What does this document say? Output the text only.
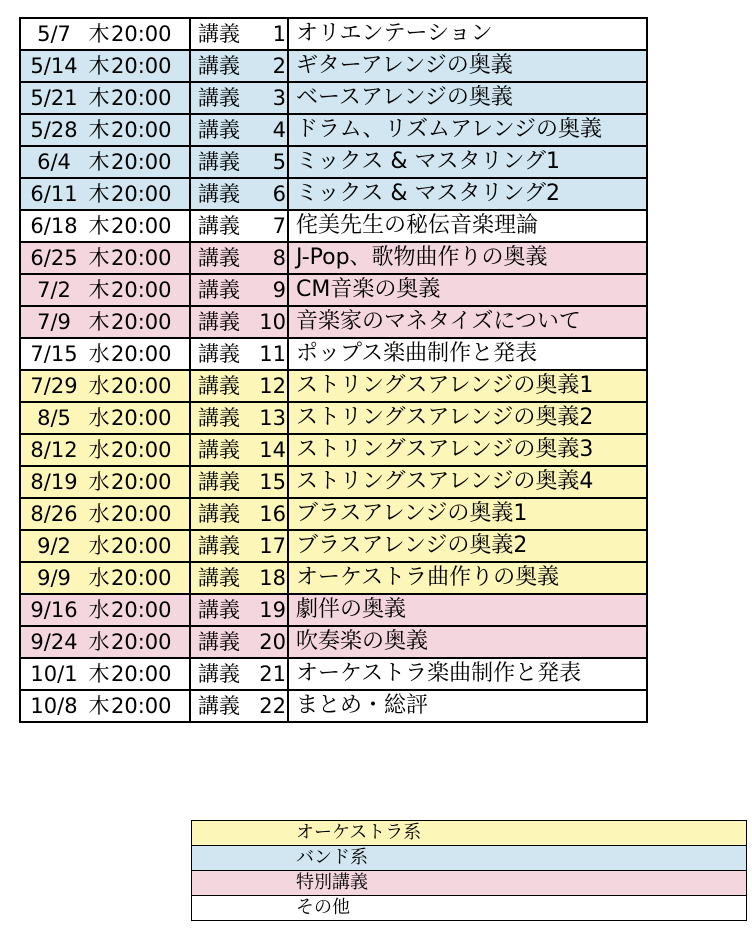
5/7 木20:00	講義 1	オリエンテーション
5/14 木20:00	講義 2	ギターアレンジの奥義
5/21 木20:00	講義 3	ベースアレンジの奥義
5/28 木20:00	講義 4	ドラム、リズムアレンジの奥義
6/4 木20:00	講義 5	ミックス & マスタリング1
6/11 木20:00	講義 6	ミックス & マスタリング2
6/18 木20:00	講義 7	侘美先生の秘伝音楽理論
6/25 木20:00	講義 8	J-Pop、歌物曲作りの奥義
7/2 木20:00	講義 9	CM音楽の奥義
7/9 木20:00	講義 10	音楽家のマネタイズについて
7/15 水20:00	講義 11	ポップス楽曲制作と発表
7/29 水20:00	講義 12	ストリングスアレンジの奥義1
8/5 水20:00	講義 13	ストリングスアレンジの奥義2
8/12 水20:00	講義 14	ストリングスアレンジの奥義3
8/19 水20:00	講義 15	ストリングスアレンジの奥義4
8/26 水20:00	講義 16	ブラスアレンジの奥義1
9/2 水20:00	講義 17	ブラスアレンジの奥義2
9/9 水20:00	講義 18	オーケストラ曲作りの奥義
9/16 水20:00	講義 19	劇伴の奥義
9/24 水20:00	講義 20	吹奏楽の奥義
10/1 木20:00	講義 21	オーケストラ楽曲制作と発表
10/8 木20:00	講義 22	まとめ・総評
オーケストラ系
バンド系
特別講義
その他
